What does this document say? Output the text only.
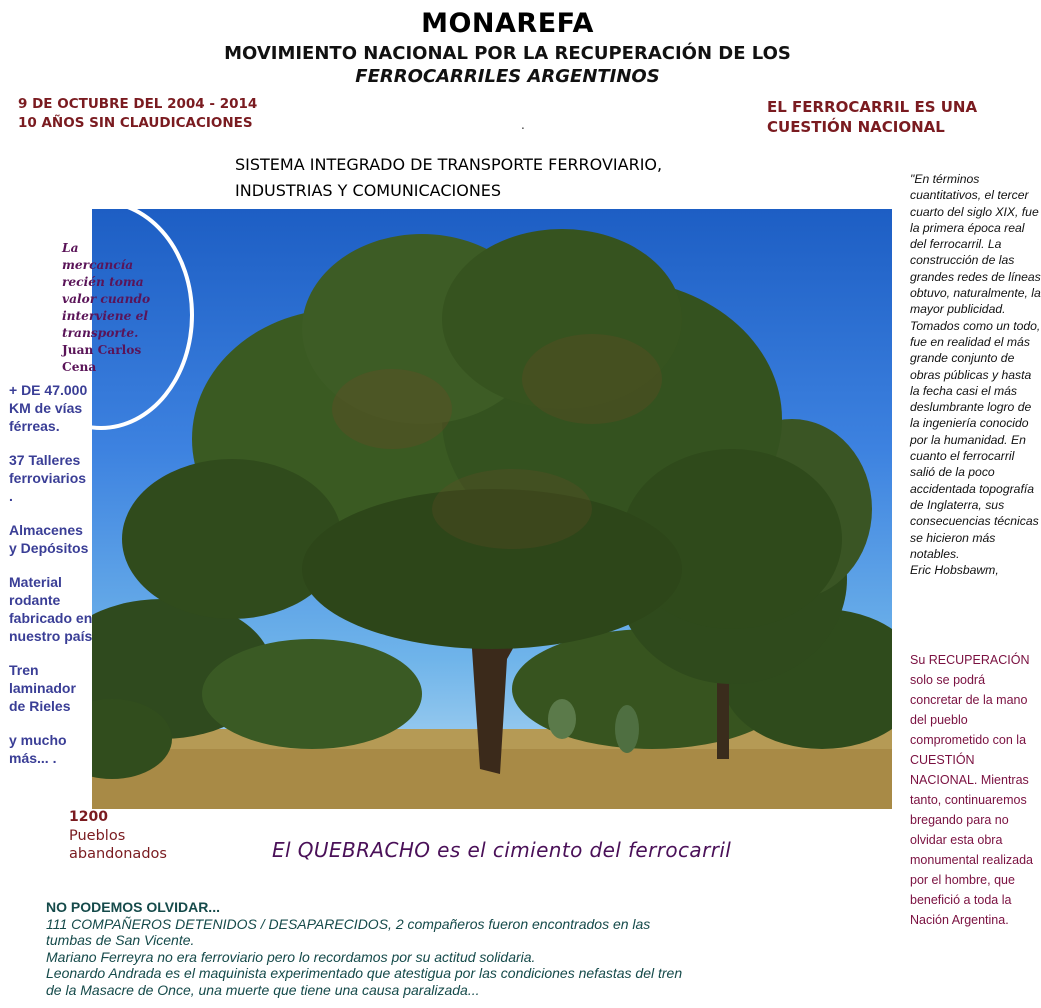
MONAREFA
MOVIMIENTO NACIONAL POR LA RECUPERACIÓN DE LOS
FERROCARRILES ARGENTINOS
9 DE OCTUBRE DEL 2004 - 2014
10 AÑOS SIN CLAUDICACIONES	.
EL FERROCARRIL ES UNA
CUESTIÓN NACIONAL
SISTEMA INTEGRADO DE TRANSPORTE FERROVIARIO,
INDUSTRIAS Y COMUNICACIONES
La mercancía
recién toma
valor cuando
interviene el
transporte.
Juan Carlos
Cena

+ DE 47.000 KM de vías férreas.

37 Talleres ferroviarios .

Almacenes y Depósitos

Material rodante fabricado en nuestro país

Tren laminador de Rieles

y mucho más... .

1200
Pueblos
abandonados	El QUEBRACHO es el cimiento del ferrocarril
"En términos cuantitativos, el tercer cuarto del siglo XIX, fue la primera época real del ferrocarril. La construcción de las grandes redes de líneas obtuvo, naturalmente, la mayor publicidad. Tomados como un todo, fue en realidad el más grande conjunto de obras públicas y hasta la fecha casi el más deslumbrante logro de la ingeniería conocido por la humanidad. En cuanto el ferrocarril salió de la poco accidentada topografía de Inglaterra, sus consecuencias técnicas se hicieron más notables.
Eric Hobsbawm,
Su RECUPERACIÓN solo se podrá concretar de la mano del pueblo comprometido con la CUESTIÓN NACIONAL. Mientras tanto, continuaremos bregando para no olvidar esta obra monumental realizada por el hombre, que benefició a toda la Nación Argentina.
NO PODEMOS OLVIDAR...
111 COMPAÑEROS DETENIDOS / DESAPARECIDOS, 2 compañeros fueron encontrados en las
tumbas de San Vicente.
Mariano Ferreyra no era ferroviario pero lo recordamos por su actitud solidaria.
Leonardo Andrada es el maquinista experimentado que atestigua por las condiciones nefastas del tren
de la Masacre de Once, una muerte que tiene una causa paralizada...
